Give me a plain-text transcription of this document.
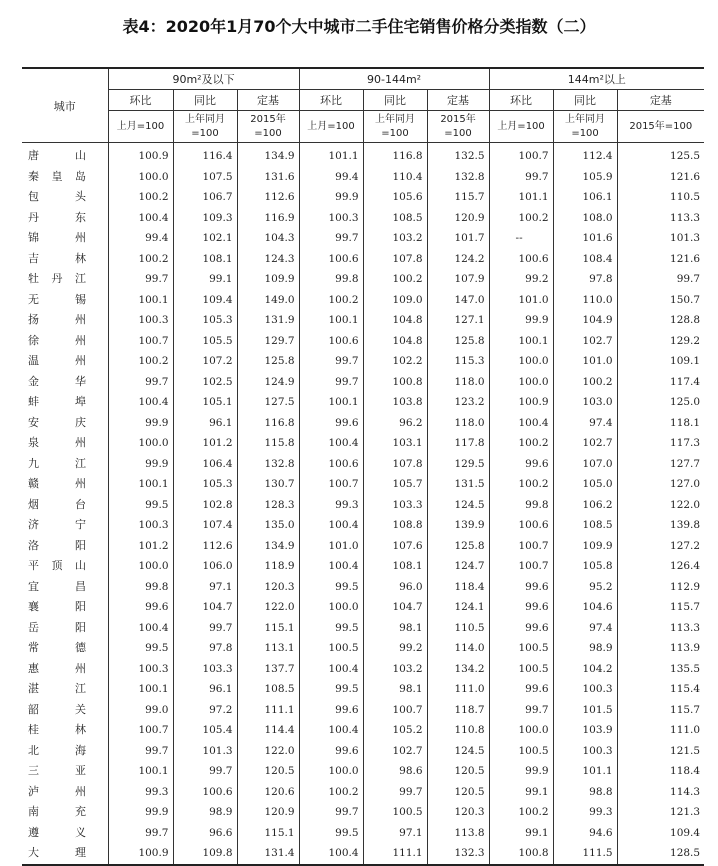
表4：2020年1月70个大中城市二手住宅销售价格分类指数（二）
城市	90m²及以下			90-144m²			144m²以上		
	环比	同比	定基	环比	同比	定基	环比	同比	定基
	上月=100	上年同月=100	2015年=100	上月=100	上年同月=100	2015年=100	上月=100	上年同月=100	2015年=100
唐山	100.9	116.4	134.9	101.1	116.8	132.5	100.7	112.4	125.5
秦皇岛	100.0	107.5	131.6	99.4	110.4	132.8	99.7	105.9	121.6
包头	100.2	106.7	112.6	99.9	105.6	115.7	101.1	106.1	110.5
丹东	100.4	109.3	116.9	100.3	108.5	120.9	100.2	108.0	113.3
锦州	99.4	102.1	104.3	99.7	103.2	101.7	--	101.6	101.3
吉林	100.2	108.1	124.3	100.6	107.8	124.2	100.6	108.4	121.6
牡丹江	99.7	99.1	109.9	99.8	100.2	107.9	99.2	97.8	99.7
无锡	100.1	109.4	149.0	100.2	109.0	147.0	101.0	110.0	150.7
扬州	100.3	105.3	131.9	100.1	104.8	127.1	99.9	104.9	128.8
徐州	100.7	105.5	129.7	100.6	104.8	125.8	100.1	102.7	129.2
温州	100.2	107.2	125.8	99.7	102.2	115.3	100.0	101.0	109.1
金华	99.7	102.5	124.9	99.7	100.8	118.0	100.0	100.2	117.4
蚌埠	100.4	105.1	127.5	100.1	103.8	123.2	100.9	103.0	125.0
安庆	99.9	96.1	116.8	99.6	96.2	118.0	100.4	97.4	118.1
泉州	100.0	101.2	115.8	100.4	103.1	117.8	100.2	102.7	117.3
九江	99.9	106.4	132.8	100.6	107.8	129.5	99.6	107.0	127.7
赣州	100.1	105.3	130.7	100.7	105.7	131.5	100.2	105.0	127.0
烟台	99.5	102.8	128.3	99.3	103.3	124.5	99.8	106.2	122.0
济宁	100.3	107.4	135.0	100.4	108.8	139.9	100.6	108.5	139.8
洛阳	101.2	112.6	134.9	101.0	107.6	125.8	100.7	109.9	127.2
平顶山	100.0	106.0	118.9	100.4	108.1	124.7	100.7	105.8	126.4
宜昌	99.8	97.1	120.3	99.5	96.0	118.4	99.6	95.2	112.9
襄阳	99.6	104.7	122.0	100.0	104.7	124.1	99.6	104.6	115.7
岳阳	100.4	99.7	115.1	99.5	98.1	110.5	99.6	97.4	113.3
常德	99.5	97.8	113.1	100.5	99.2	114.0	100.5	98.9	113.9
惠州	100.3	103.3	137.7	100.4	103.2	134.2	100.5	104.2	135.5
湛江	100.1	96.1	108.5	99.5	98.1	111.0	99.6	100.3	115.4
韶关	99.0	97.2	111.1	99.6	100.7	118.7	99.7	101.5	115.7
桂林	100.7	105.4	114.4	100.4	105.2	110.8	100.0	103.9	111.0
北海	99.7	101.3	122.0	99.6	102.7	124.5	100.5	100.3	121.5
三亚	100.1	99.7	120.5	100.0	98.6	120.5	99.9	101.1	118.4
泸州	99.3	100.6	120.6	100.2	99.7	120.5	99.1	98.8	114.3
南充	99.9	98.9	120.9	99.7	100.5	120.3	100.2	99.3	121.3
遵义	99.7	96.6	115.1	99.5	97.1	113.8	99.1	94.6	109.4
大理	100.9	109.8	131.4	100.4	111.1	132.3	100.8	111.5	128.5
